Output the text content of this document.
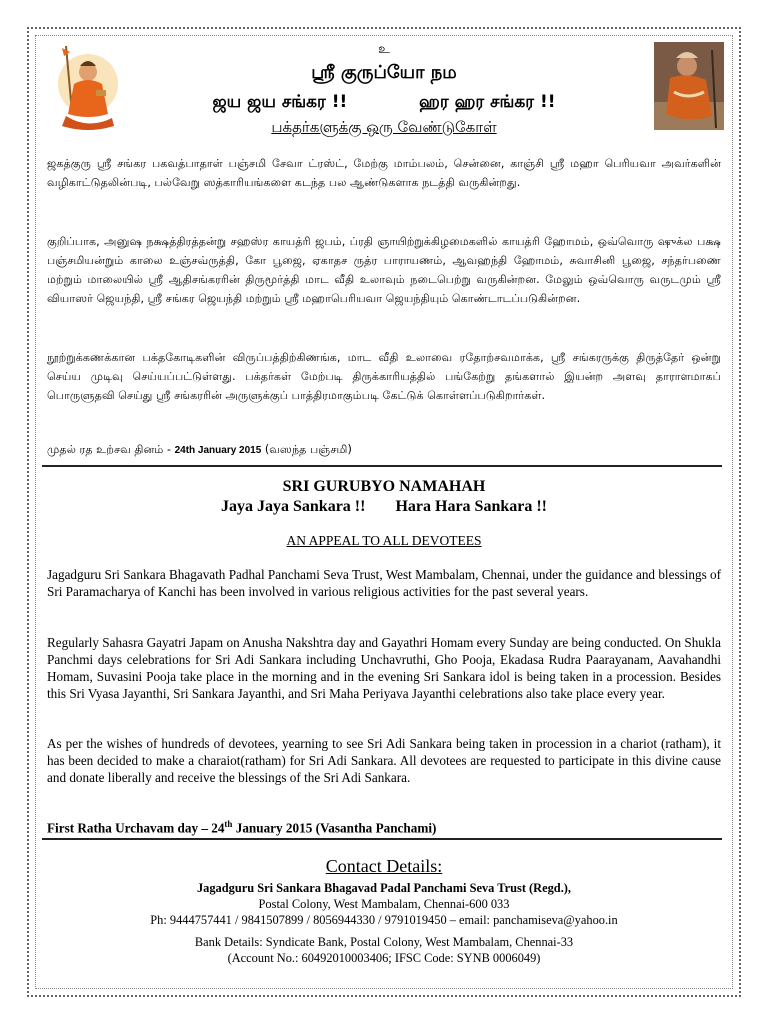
உ
ஸ்ரீ குருப்யோ நம
ஜய ஜய சங்கர !!	ஹர ஹர சங்கர !!
பக்தர்களுக்கு ஒரு வேண்டுகோள்
ஜகத்குரு ஸ்ரீ சங்கர பகவத்பாதாள் பஞ்சமி சேவா ட்ரஸ்ட், மேற்கு மாம்பலம், சென்னை, காஞ்சி ஸ்ரீ மஹா பெரியவா அவர்களின் வழிகாட்டுதலின்படி, பல்வேறு ஸத்காரியங்களை கடந்த பல ஆண்டுகளாக நடத்தி வருகின்றது.
குறிப்பாக, அனுஷ நக்ஷத்திரத்தன்று சஹஸ்ர காயத்ரி ஜபம், ப்ரதி ஞாயிற்றுக்கிழமைகளில் காயத்ரி ஹோமம், ஒவ்வொரு ஷுக்ல பக்ஷ பஞ்சமியன்றும் காலை உஞ்சவ்ருத்தி, கோ பூஜை, ஏகாதச ருத்ர பாராயணம், ஆவஹந்தி ஹோமம், சுவாசினி பூஜை, சந்தர்பணை மற்றும் மாலையில் ஸ்ரீ ஆதிசங்கரரின் திருமூர்த்தி மாட வீதி உலாவும் நடைபெற்று வருகின்றன. மேலும் ஒவ்வொரு வருடமும் ஸ்ரீ வியாஸர் ஜெயந்தி, ஸ்ரீ சங்கர ஜெயந்தி மற்றும் ஸ்ரீ மஹாபெரியவா ஜெயந்தியும் கொண்டாடப்படுகின்றன.
நூற்றுக்கணக்கான பக்தகோடிகளின் விருப்பத்திற்கிணங்க, மாட வீதி உலாவை ரதோற்சவமாக்க, ஸ்ரீ சங்கரருக்கு திருத்தேர் ஒன்று செய்ய முடிவு செய்யப்பட்டுள்ளது. பக்தர்கள் மேற்படி திருக்காரியத்தில் பங்கேற்று தங்களால் இயன்ற அளவு தாராளமாகப் பொருளுதவி செய்து ஸ்ரீ சங்கரரின் அருளுக்குப் பாத்திரமாகும்படி கேட்டுக் கொள்ளப்படுகிறார்கள்.
முதல் ரத உற்சவ தினம் - 24th January 2015 (வஸந்த பஞ்சமி)
SRI GURUBYO NAMAHAH
Jaya Jaya Sankara !! Hara Hara Sankara !!
AN APPEAL TO ALL DEVOTEES
Jagadguru Sri Sankara Bhagavath Padhal Panchami Seva Trust, West Mambalam, Chennai, under the guidance and blessings of Sri Paramacharya of Kanchi has been involved in various religious activities for the past several years.
Regularly Sahasra Gayatri Japam on Anusha Nakshtra day and Gayathri Homam every Sunday are being conducted. On Shukla Panchmi days celebrations for Sri Adi Sankara including Unchavruthi, Gho Pooja, Ekadasa Rudra Paarayanam, Aavahandhi Homam, Suvasini Pooja take place in the morning and in the evening Sri Sankara idol is being taken in a procession. Besides this Sri Vyasa Jayanthi, Sri Sankara Jayanthi, and Sri Maha Periyava Jayanthi celebrations also take place every year.
As per the wishes of hundreds of devotees, yearning to see Sri Adi Sankara being taken in procession in a chariot (ratham), it has been decided to make a charaiot(ratham) for Sri Adi Sankara. All devotees are requested to participate in this divine cause and donate liberally and receive the blessings of the Sri Adi Sankara.
First Ratha Urchavam day – 24th January 2015 (Vasantha Panchami)
Contact Details:
Jagadguru Sri Sankara Bhagavad Padal Panchami Seva Trust (Regd.),
Postal Colony, West Mambalam, Chennai-600 033
Ph: 9444757441 / 9841507899 / 8056944330 / 9791019450 – email: panchamiseva@yahoo.in
Bank Details: Syndicate Bank, Postal Colony, West Mambalam, Chennai-33
(Account No.: 60492010003406; IFSC Code: SYNB 0006049)
